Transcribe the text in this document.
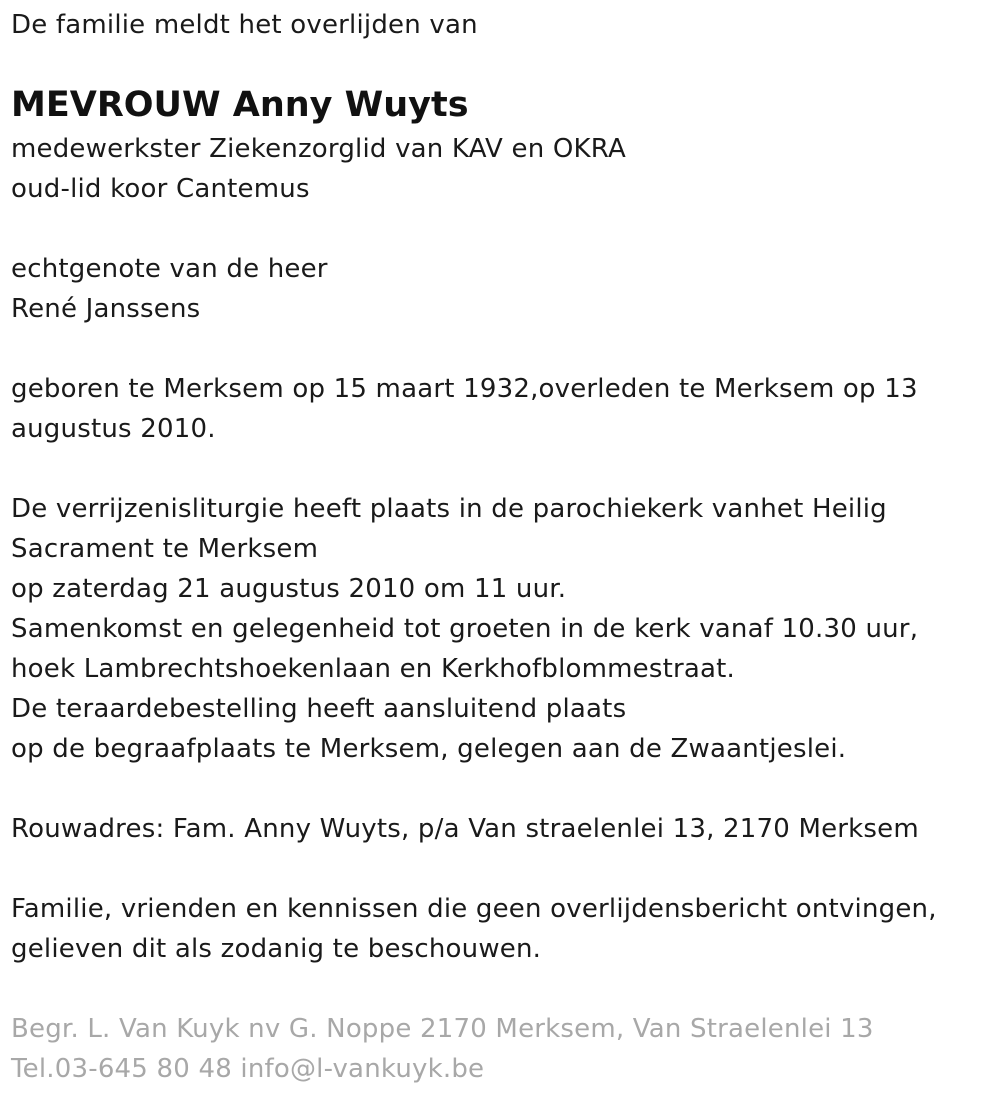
De familie meldt het overlijden van
MEVROUW Anny Wuyts
medewerkster Ziekenzorglid van KAV en OKRA
oud-lid koor Cantemus
echtgenote van de heer
René Janssens
geboren te Merksem op 15 maart 1932,overleden te Merksem op 13
augustus 2010.
De verrijzenisliturgie heeft plaats in de parochiekerk vanhet Heilig
Sacrament te Merksem
op zaterdag 21 augustus 2010 om 11 uur.
Samenkomst en gelegenheid tot groeten in de kerk vanaf 10.30 uur,
hoek Lambrechtshoekenlaan en Kerkhofblommestraat.
De teraardebestelling heeft aansluitend plaats
op de begraafplaats te Merksem, gelegen aan de Zwaantjeslei.
Rouwadres: Fam. Anny Wuyts, p/a Van straelenlei 13, 2170 Merksem
Familie, vrienden en kennissen die geen overlijdensbericht ontvingen,
gelieven dit als zodanig te beschouwen.
Begr. L. Van Kuyk nv G. Noppe 2170 Merksem, Van Straelenlei 13
Tel.03-645 80 48 info@l-vankuyk.be
